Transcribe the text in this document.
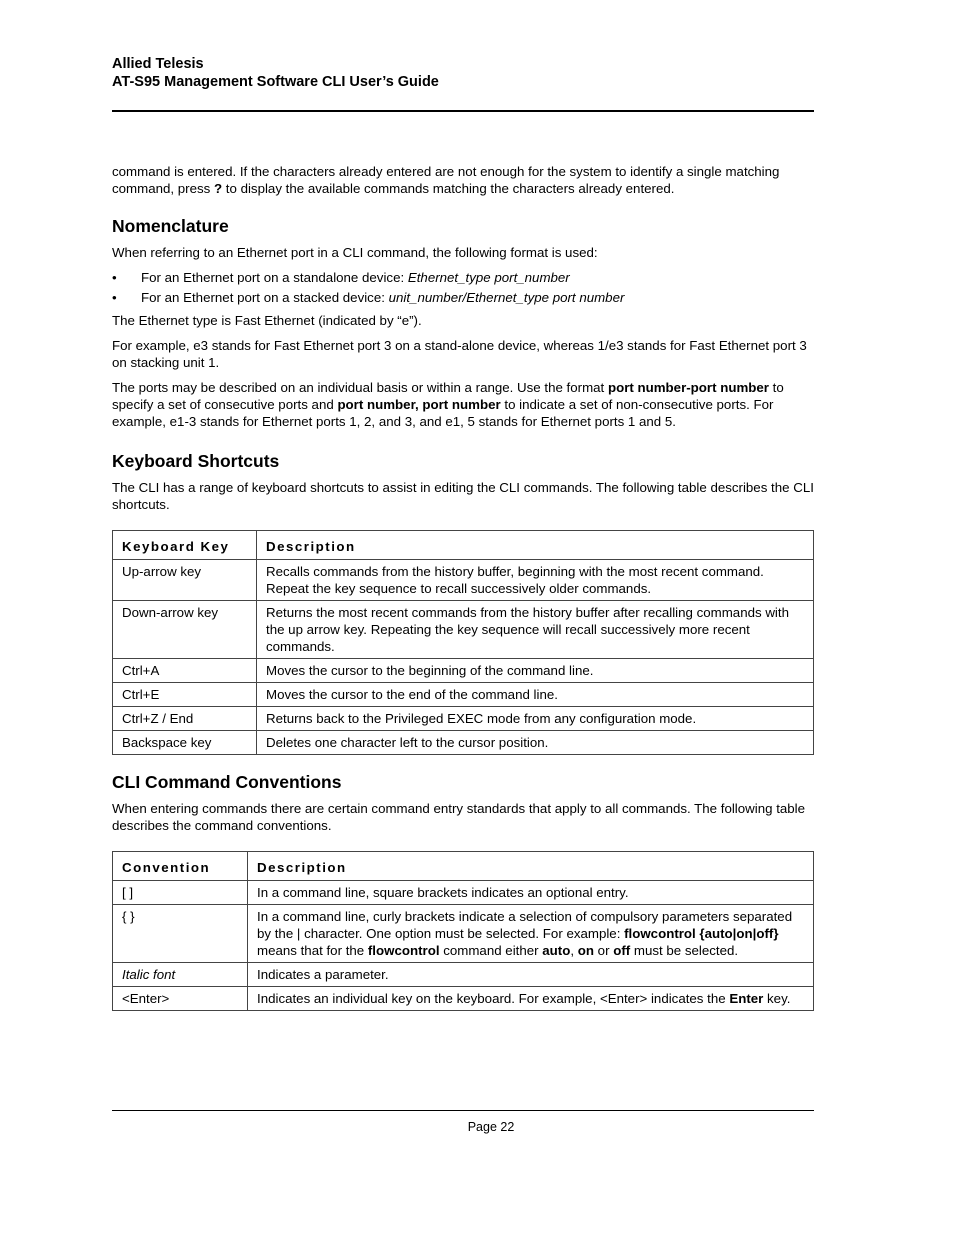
Allied Telesis
AT-S95 Management Software CLI User’s Guide

command is entered. If the characters already entered are not enough for the system to identify a single matching command, press ? to display the available commands matching the characters already entered.

Nomenclature

When referring to an Ethernet port in a CLI command, the following format is used:

• For an Ethernet port on a standalone device: Ethernet_type port_number
• For an Ethernet port on a stacked device: unit_number/Ethernet_type port number

The Ethernet type is Fast Ethernet (indicated by “e”).

For example, e3 stands for Fast Ethernet port 3 on a stand-alone device, whereas 1/e3 stands for Fast Ethernet port 3 on stacking unit 1.

The ports may be described on an individual basis or within a range. Use the format port number-port number to specify a set of consecutive ports and port number, port number to indicate a set of non-consecutive ports. For example, e1-3 stands for Ethernet ports 1, 2, and 3, and e1, 5 stands for Ethernet ports 1 and 5.

Keyboard Shortcuts

The CLI has a range of keyboard shortcuts to assist in editing the CLI commands. The following table describes the CLI shortcuts.

Keyboard Key	Description
Up-arrow key	Recalls commands from the history buffer, beginning with the most recent command. Repeat the key sequence to recall successively older commands.
Down-arrow key	Returns the most recent commands from the history buffer after recalling commands with the up arrow key. Repeating the key sequence will recall successively more recent commands.
Ctrl+A	Moves the cursor to the beginning of the command line.
Ctrl+E	Moves the cursor to the end of the command line.
Ctrl+Z / End	Returns back to the Privileged EXEC mode from any configuration mode.
Backspace key	Deletes one character left to the cursor position.
CLI Command Conventions

When entering commands there are certain command entry standards that apply to all commands. The following table describes the command conventions.

Convention	Description
[ ]	In a command line, square brackets indicates an optional entry.
{ }	In a command line, curly brackets indicate a selection of compulsory parameters separated by the | character. One option must be selected. For example: flowcontrol {auto|on|off} means that for the flowcontrol command either auto, on or off must be selected.
Italic font	Indicates a parameter.
<Enter>	Indicates an individual key on the keyboard. For example, <Enter> indicates the Enter key.
Page 22
